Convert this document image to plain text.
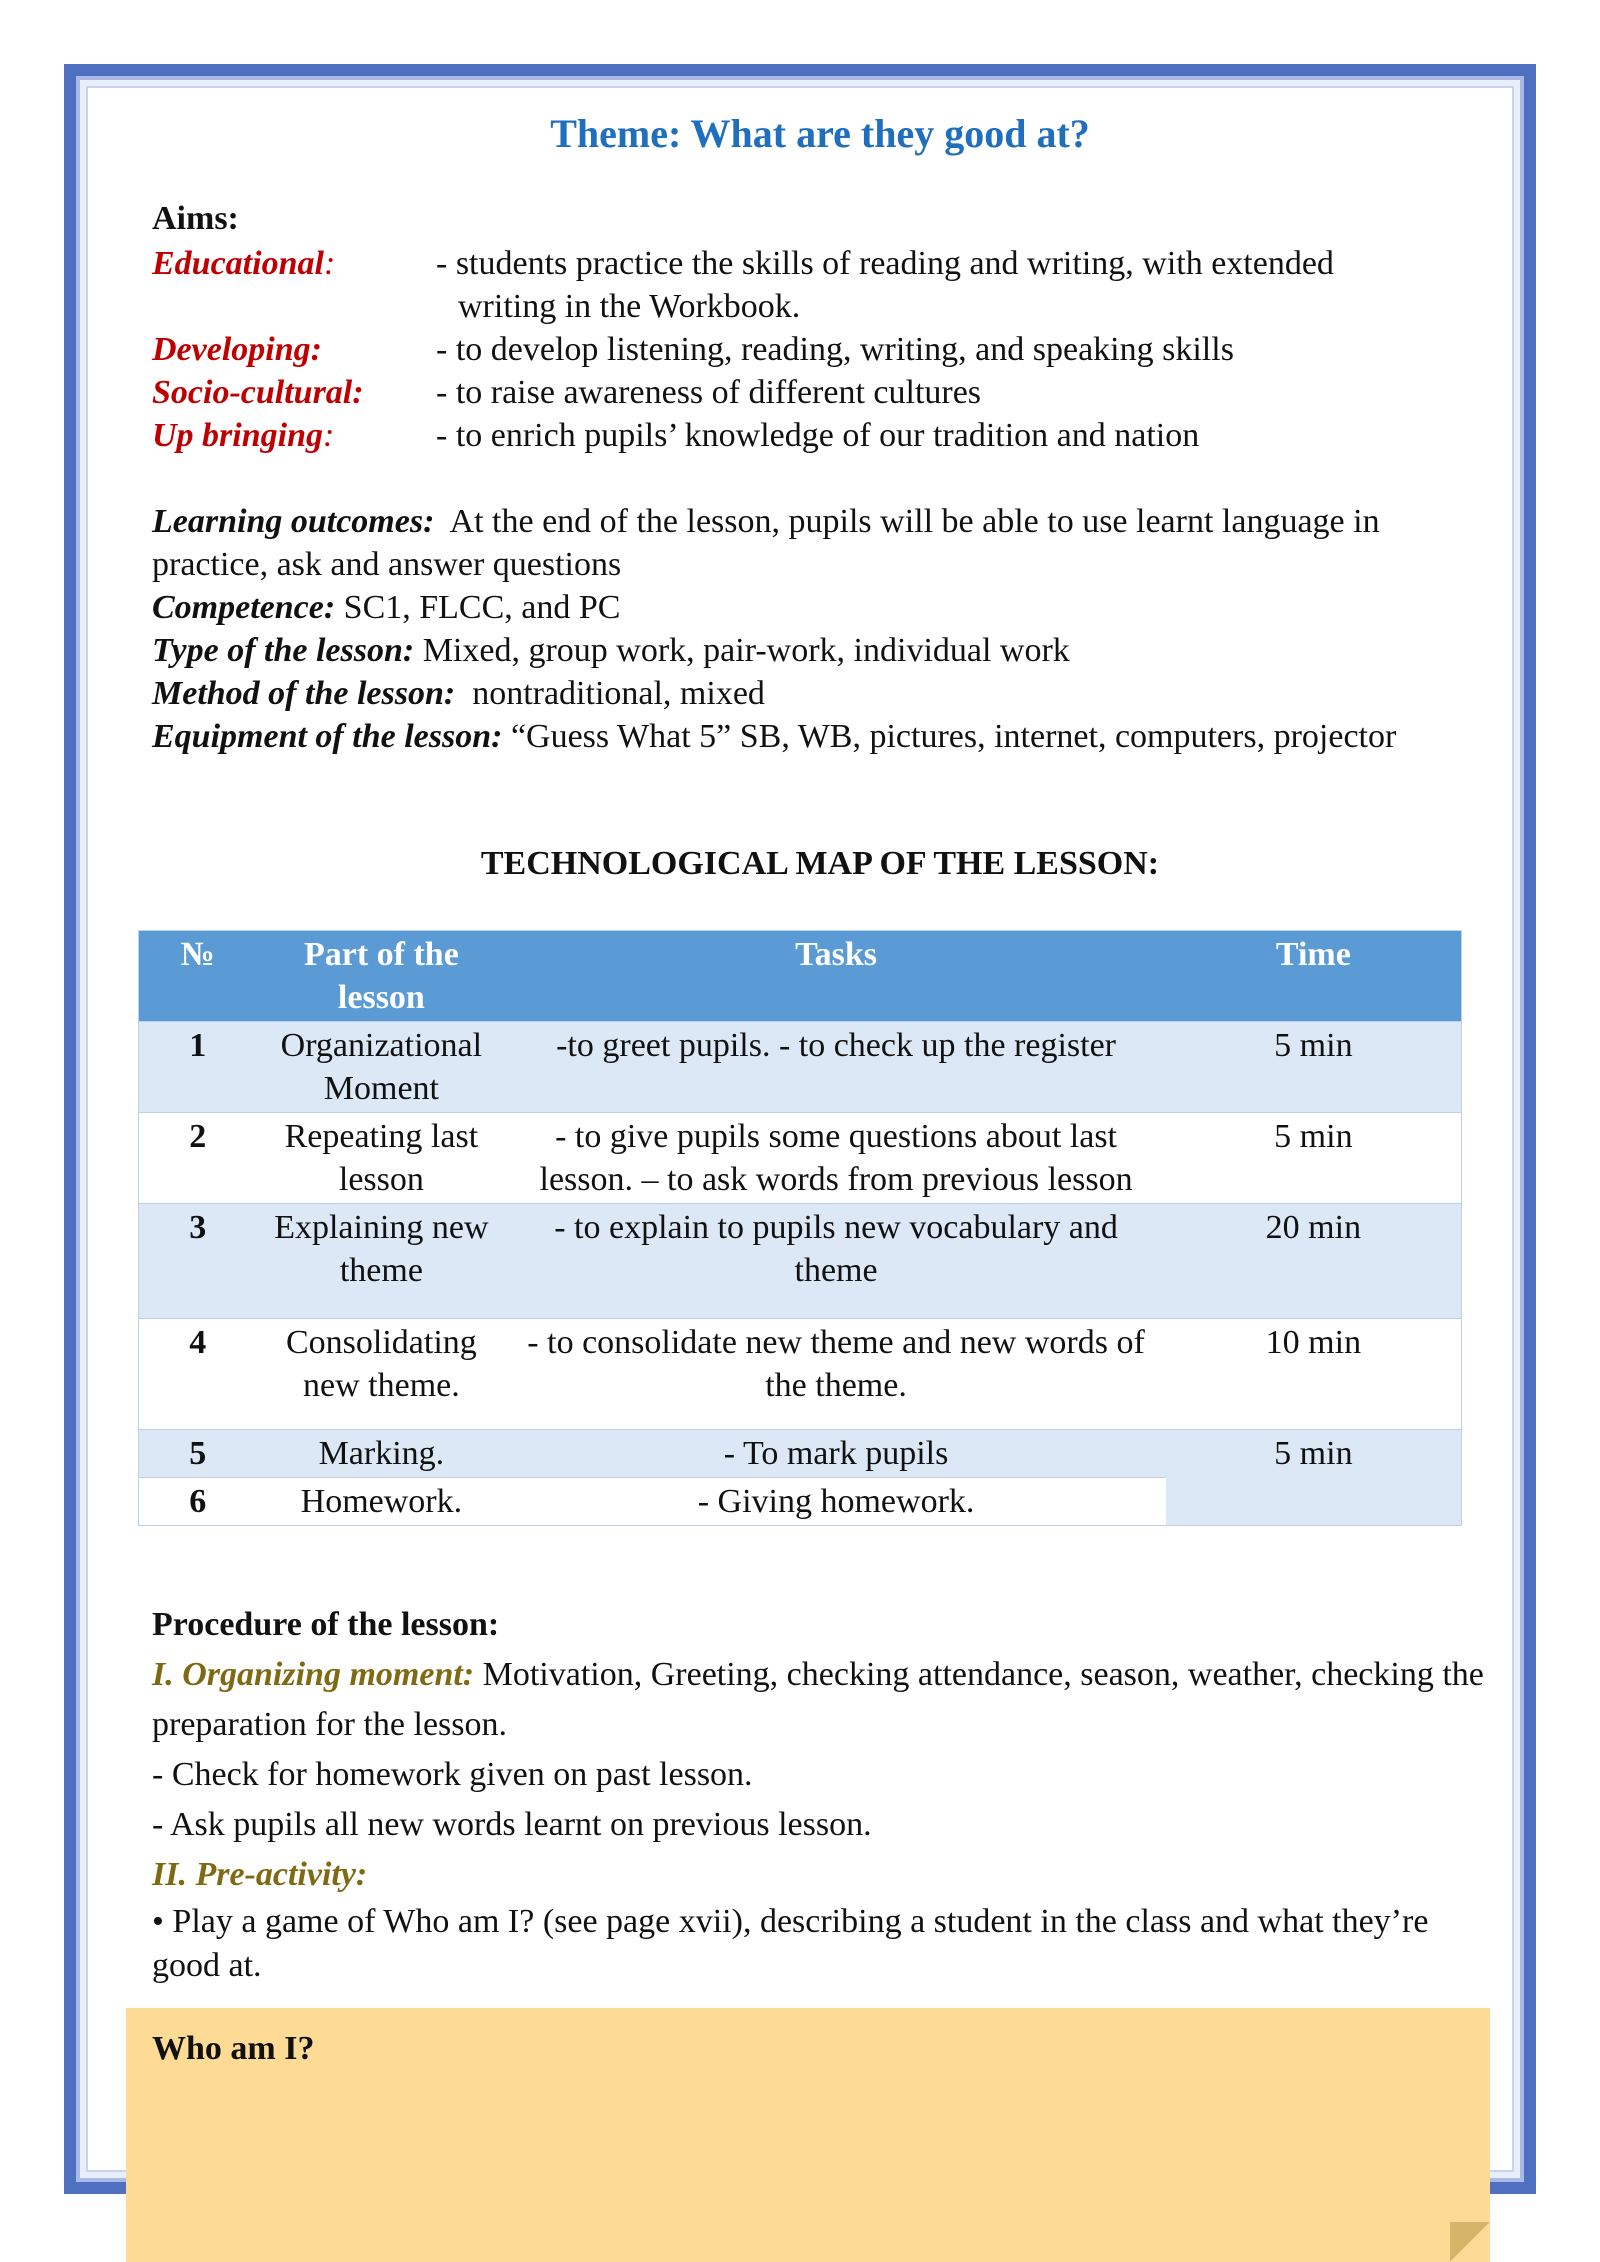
Theme: What are they good at?
Aims:
Educational:	- students practice the skills of reading and writing, with extended
writing in the Workbook.
Developing:	- to develop listening, reading, writing, and speaking skills
Socio-cultural:	- to raise awareness of different cultures
Up bringing:	- to enrich pupils’ knowledge of our tradition and nation
Learning outcomes: At the end of the lesson, pupils will be able to use learnt language in practice, ask and answer questions
Competence: SC1, FLCC, and PC
Type of the lesson: Mixed, group work, pair-work, individual work
Method of the lesson: nontraditional, mixed
Equipment of the lesson: “Guess What 5” SB, WB, pictures, internet, computers, projector
TECHNOLOGICAL MAP OF THE LESSON:
№	Part of the lesson	Tasks	Time
1	Organizational Moment	-to greet pupils. - to check up the register	5 min
2	Repeating last lesson	- to give pupils some questions about last lesson. – to ask words from previous lesson	5 min
3	Explaining new theme	- to explain to pupils new vocabulary and theme	20 min
4	Consolidating new theme.	- to consolidate new theme and new words of the theme.	10 min
5	Marking.	- To mark pupils	5 min
6	Homework.	- Giving homework.	
Procedure of the lesson:
I. Organizing moment: Motivation, Greeting, checking attendance, season, weather, checking the preparation for the lesson.
- Check for homework given on past lesson.
- Ask pupils all new words learnt on previous lesson.
II. Pre-activity:
• Play a game of Who am I? (see page xvii), describing a student in the class and what they’re good at.
Who am I?
